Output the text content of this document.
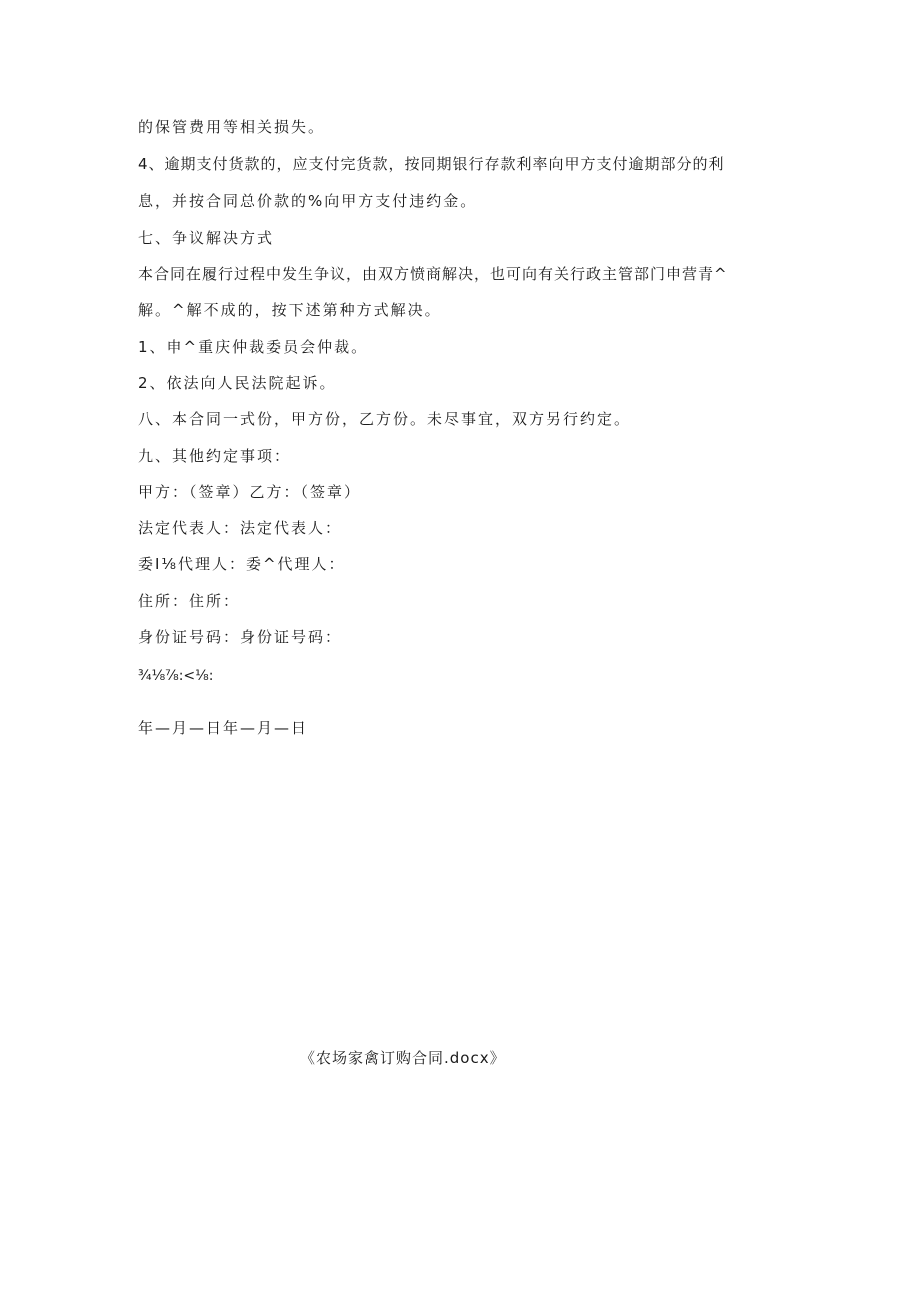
的保管费用等相关损失。
4、逾期支付货款的，应支付完货款，按同期银行存款利率向甲方支付逾期部分的利
息，并按合同总价款的%向甲方支付违约金。
七、争议解决方式
本合同在履行过程中发生争议，由双方愤商解决，也可向有关行政主管部门申营青^
解。^解不成的，按下述第种方式解决。
1、申^重庆仲裁委员会仲裁。
2、依法向人民法院起诉。
八、本合同一式份，甲方份，乙方份。未尽事宜，双方另行约定。
九、其他约定事项：
甲方：（签章）乙方：（签章）
法定代表人：法定代表人：
委I⅛代理人：委^代理人：
住所：住所：
身份证号码：身份证号码：
¾⅛⅞:<⅛:
年—月—日年—月—日
《农场家禽订购合同.docx》
